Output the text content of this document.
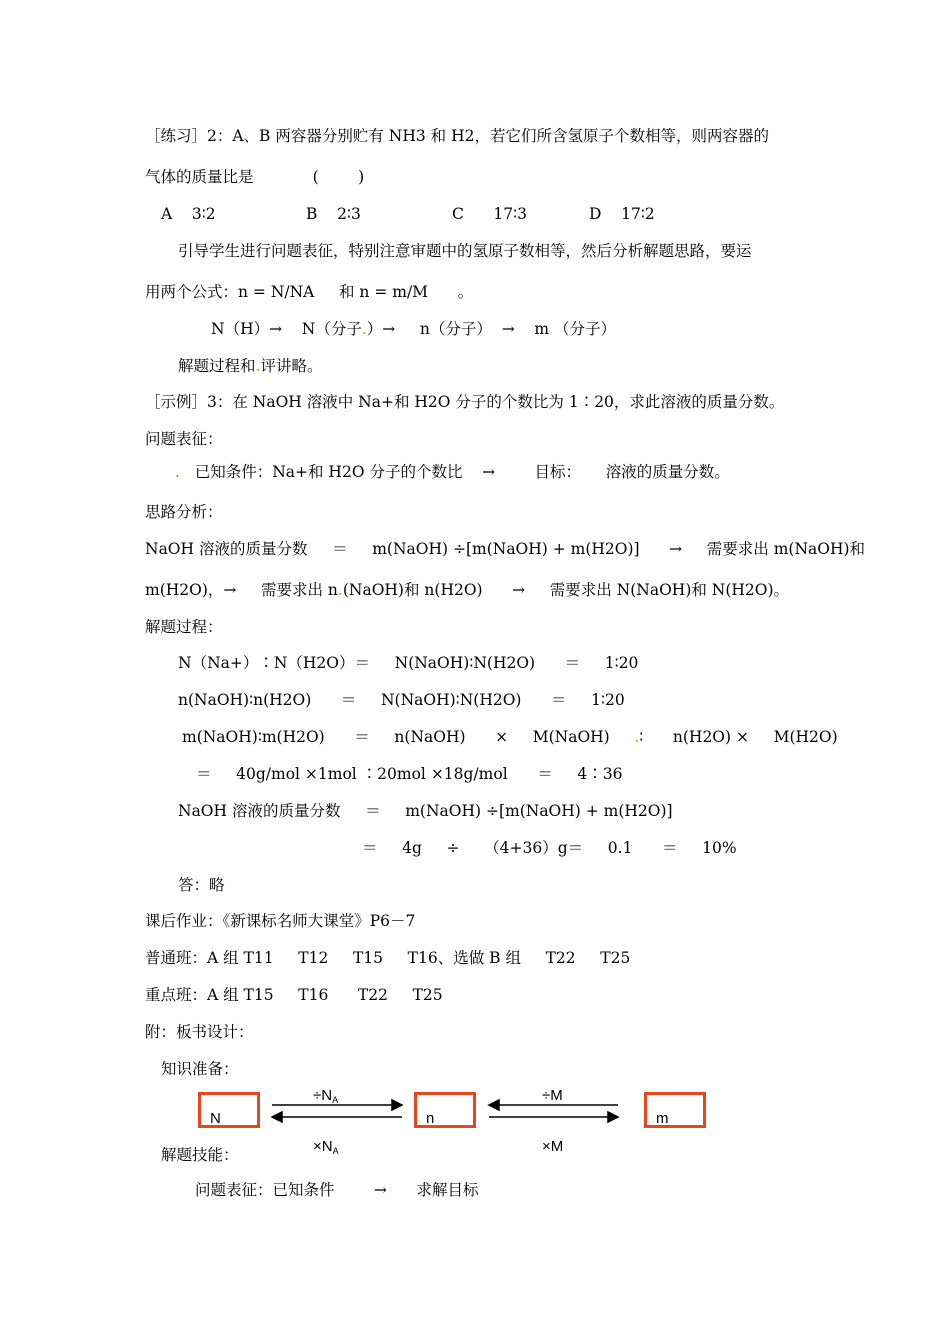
［练习］2：A、B 两容器分别贮有 NH3 和 H2，若它们所含氢原子个数相等，则两容器的
气体的质量比是            (        )
A    3∶2	B    2∶3	C      17∶3	D    17∶2
引导学生进行问题表征，特别注意审题中的氢原子数相等，然后分析解题思路，要运
用两个公式：n = N/NA     和 n = m/M      。
N（H）→    N（分子.）→     n（分子）  →    m （分子）
解题过程和.评讲略。
［示例］3：在 NaOH 溶液中 Na+和 H2O 分子的个数比为 1∶20，求此溶液的质量分数。
问题表征：
.   已知条件：Na+和 H2O 分子的个数比    →        目标：     溶液的质量分数。
思路分析：
NaOH 溶液的质量分数     ＝     m(NaOH) ÷[m(NaOH) + m(H2O)]      →     需要求出 m(NaOH)和
m(H2O)，→     需要求出 n.(NaOH)和 n(H2O)      →     需要求出 N(NaOH)和 N(H2O)。
解题过程：
N（Na+）∶N（H2O）＝     N(NaOH)∶N(H2O)      ＝     1∶20
n(NaOH)∶n(H2O)      ＝     N(NaOH)∶N(H2O)      ＝     1∶20
m(NaOH)∶m(H2O)      ＝     n(NaOH)      ×     M(NaOH) .∶      n(H2O) ×     M(H2O)
＝     40g/mol ×1mol ∶20mol ×18g/mol      ＝     4∶36
NaOH 溶液的质量分数     ＝     m(NaOH) ÷[m(NaOH) + m(H2O)]
＝     4g     ÷     （4+36）g＝     0.1      ＝     10%
答：略
课后作业：《新课标名师大课堂》P6－7
普通班：A 组 T11     T12     T15     T16、选做 B 组     T22     T25
重点班：A 组 T15     T16      T22     T25
附：板书设计：
知识准备：
N	n	m
$\div N_A$
$\times N_A$
÷M
×M
解题技能：
问题表征：已知条件        →      求解目标
